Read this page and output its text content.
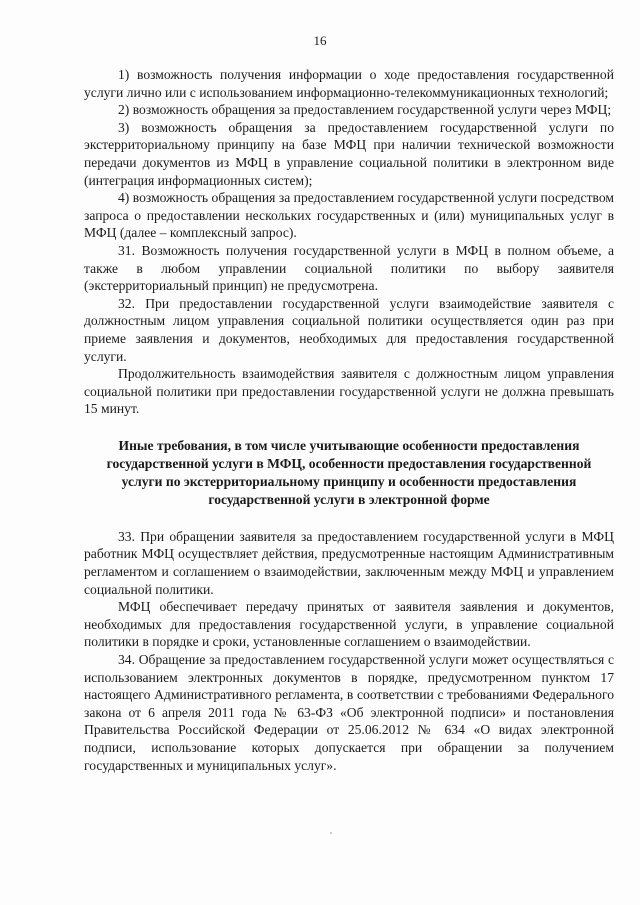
16

1) возможность получения информации о ходе предоставления государственной услуги лично или с использованием информационно-телекоммуникационных технологий;

2) возможность обращения за предоставлением государственной услуги через МФЦ;

3) возможность обращения за предоставлением государственной услуги по экстерриториальному принципу на базе МФЦ при наличии технической возможности передачи документов из МФЦ в управление социальной политики в электронном виде (интеграция информационных систем);

4) возможность обращения за предоставлением государственной услуги посредством запроса о предоставлении нескольких государственных и (или) муниципальных услуг в МФЦ (далее – комплексный запрос).

31. Возможность получения государственной услуги в МФЦ в полном объеме, а также в любом управлении социальной политики по выбору заявителя (экстерриториальный принцип) не предусмотрена.

32. При предоставлении государственной услуги взаимодействие заявителя с должностным лицом управления социальной политики осуществляется один раз при приеме заявления и документов, необходимых для предоставления государственной услуги.

Продолжительность взаимодействия заявителя с должностным лицом управления социальной политики при предоставлении государственной услуги не должна превышать 15 минут.

Иные требования, в том числе учитывающие особенности предоставления государственной услуги в МФЦ, особенности предоставления государственной услуги по экстерриториальному принципу и особенности предоставления государственной услуги в электронной форме

33. При обращении заявителя за предоставлением государственной услуги в МФЦ работник МФЦ осуществляет действия, предусмотренные настоящим Административным регламентом и соглашением о взаимодействии, заключенным между МФЦ и управлением социальной политики.

МФЦ обеспечивает передачу принятых от заявителя заявления и документов, необходимых для предоставления государственной услуги, в управление социальной политики в порядке и сроки, установленные соглашением о взаимодействии.

34. Обращение за предоставлением государственной услуги может осуществляться с использованием электронных документов в порядке, предусмотренном пунктом 17 настоящего Административного регламента, в соответствии с требованиями Федерального закона от 6 апреля 2011 года № 63-ФЗ «Об электронной подписи» и постановления Правительства Российской Федерации от 25.06.2012 № 634 «О видах электронной подписи, использование которых допускается при обращении за получением государственных и муниципальных услуг».
